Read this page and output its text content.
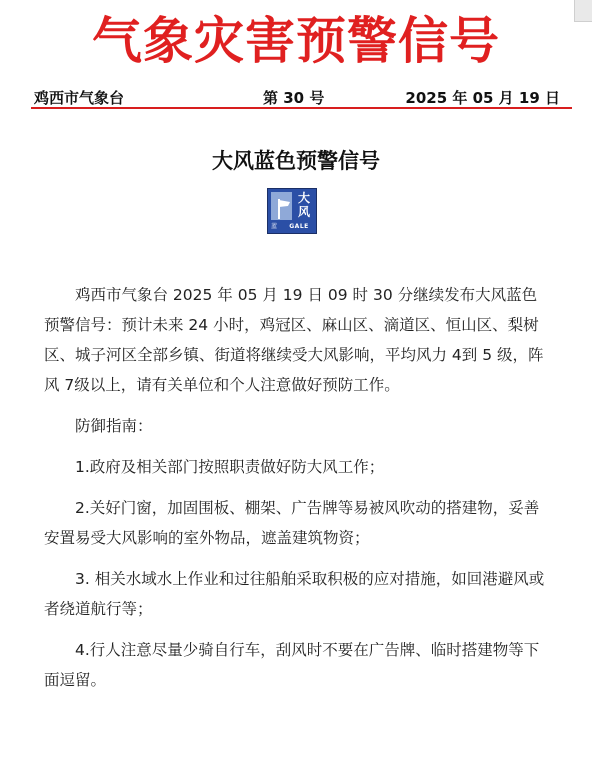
气象灾害预警信号
鸡西市气象台	第 30 号	2025 年 05 月 19 日
大风蓝色预警信号
大
风
蓝	GALE

鸡西市气象台 2025 年 05 月 19 日 09 时 30 分继续发布大风蓝色预警信号：预计未来 24 小时，鸡冠区、麻山区、滴道区、恒山区、梨树区、城子河区全部乡镇、街道将继续受大风影响，平均风力 4到 5 级，阵风 7级以上，请有关单位和个人注意做好预防工作。

防御指南：

1.政府及相关部门按照职责做好防大风工作；

2.关好门窗，加固围板、棚架、广告牌等易被风吹动的搭建物，妥善安置易受大风影响的室外物品，遮盖建筑物资；

3. 相关水域水上作业和过往船舶采取积极的应对措施，如回港避风或者绕道航行等；

4.行人注意尽量少骑自行车，刮风时不要在广告牌、临时搭建物等下面逗留。
